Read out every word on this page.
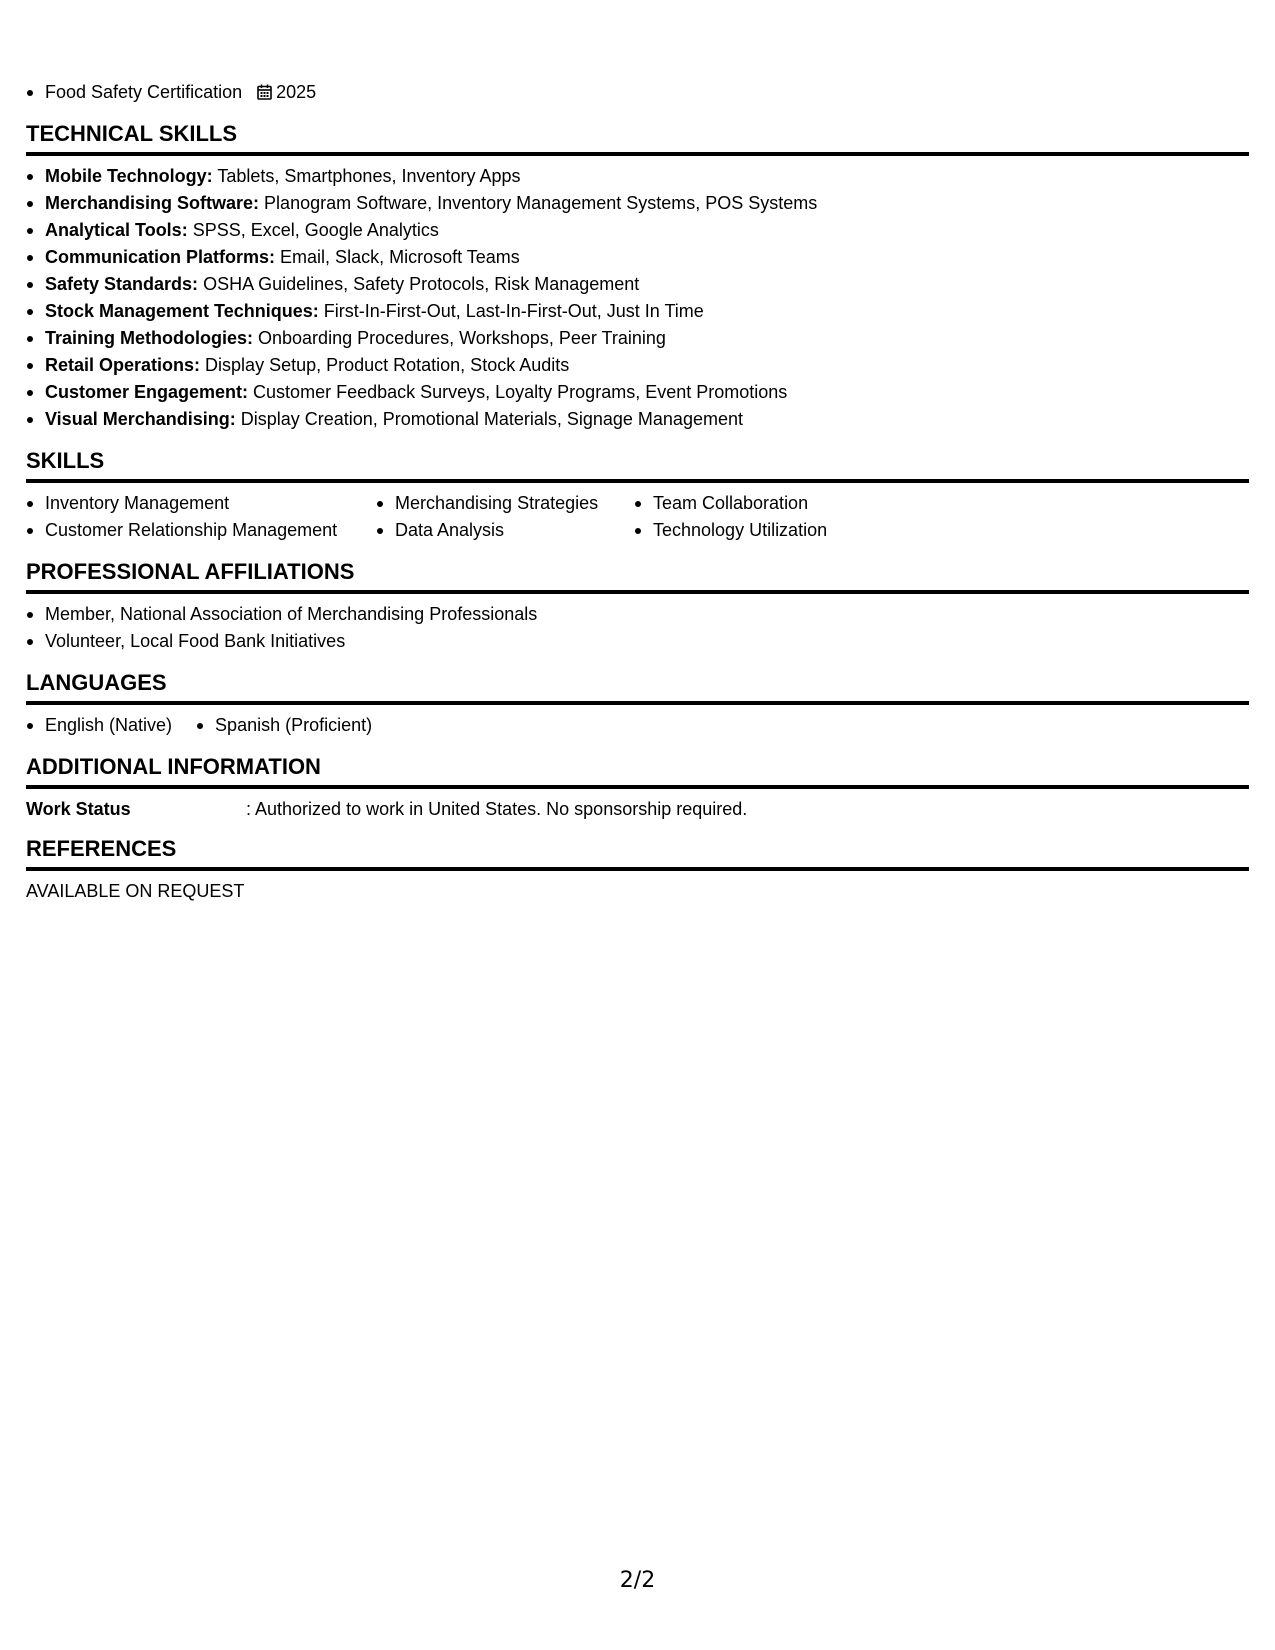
Food Safety Certification 2025
TECHNICAL SKILLS
Mobile Technology: Tablets, Smartphones, Inventory Apps
Merchandising Software: Planogram Software, Inventory Management Systems, POS Systems
Analytical Tools: SPSS, Excel, Google Analytics
Communication Platforms: Email, Slack, Microsoft Teams
Safety Standards: OSHA Guidelines, Safety Protocols, Risk Management
Stock Management Techniques: First-In-First-Out, Last-In-First-Out, Just In Time
Training Methodologies: Onboarding Procedures, Workshops, Peer Training
Retail Operations: Display Setup, Product Rotation, Stock Audits
Customer Engagement: Customer Feedback Surveys, Loyalty Programs, Event Promotions
Visual Merchandising: Display Creation, Promotional Materials, Signage Management
SKILLS
Inventory Management
Customer Relationship Management
Merchandising Strategies
Data Analysis
Team Collaboration
Technology Utilization
PROFESSIONAL AFFILIATIONS
Member, National Association of Merchandising Professionals
Volunteer, Local Food Bank Initiatives
LANGUAGES
English (Native)	Spanish (Proficient)
ADDITIONAL INFORMATION
Work Status	: Authorized to work in United States. No sponsorship required.
REFERENCES
AVAILABLE ON REQUEST
2/2
